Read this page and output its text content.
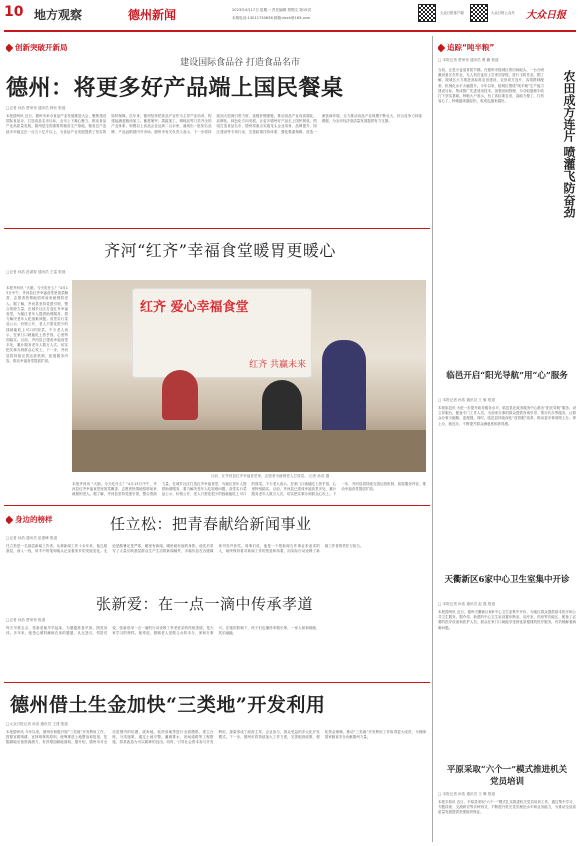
10 地方观察	德州新闻	2023年4月17日 星期一 责任编辑 郑锡文 第15页
本版电话:13011730638 邮箱:dzxh@163.com
大众日报客户端	大众日报公众号 大众日报
创新突破开新局
建设国际食品谷 打造食品名市
德州：将更多好产品端上国民餐桌
□记者 孙浩 贾荣荣 通讯员 韩东 报道
本报德州讯 近日，德州市举办食品产业发展推进大会，聚焦建设国际食品谷、打造食品名市目标，全市上下凝心聚力，推动食品产业高质量发展。德州是全国重要的粮食生产基地，粮食总产连续多年稳定在一百五十亿斤以上，为食品产业发展提供了坚实的原料保障。近年来，德州坚持把食品产业作为主导产业培育，构建起涵盖粮油加工、畜禽屠宰、果蔬加工、调味品等门类齐全的产业体系，规模以上食品企业达到二百余家，涌现出一批知名品牌，产品远销国内外市场。德州市有关负责人表示，下一步将持续加大招商引资力度，延链补链强链，推动食品产业向高端化、品牌化、绿色化方向发展，让更多德州好产品走上国民餐桌。围绕打造食品名市，德州将重点实施龙头企业培育、品牌提升、园区建设等专项行动，完善政策扶持体系，强化要素保障，营造一流营商环境，全力推动食品产业规模不断壮大，综合竞争力持续增强，为全市经济高质量发展提供有力支撑。
齐河“红齐”幸福食堂暖胃更暖心
□记者 孙浩 范淑智 通讯员 王雷 报道
本报齐河讯 “大娘，今天吃什么？”4月13日中午，齐河县红齐幸福食堂里饭菜飘香，志愿者热情地招呼前来就餐的老人。据了解，齐河县坚持党建引领，整合资源力量，在城乡社区打造红齐幸福食堂，为辖区老年人提供助餐服务，着力解决老年人吃饭难问题。食堂实行菜品公示、价格公开，老人只需花很少的钱就能吃上可口的饭菜。不少老人表示，在家门口就能吃上热乎饭，心里特别踏实。目前，齐河县已建成幸福食堂多处，累计服务老年人数万人次，切实把实事办到群众心坎上。下一步，齐河县将持续完善运营机制，拓展服务内容，推动幸福食堂提质扩面。
红齐 爱心幸福食堂
红齐 共赢未来
日前，在齐河县红齐幸福食堂里，志愿者为就餐老人打饭菜。 记者 孙浩 摄
本报齐河讯 “大娘，今天吃什么？”4月13日中午，齐河县红齐幸福食堂里饭菜飘香，志愿者热情地招呼前来就餐的老人。据了解，齐河县坚持党建引领，整合资源力量，在城乡社区打造红齐幸福食堂，为辖区老年人提供助餐服务，着力解决老年人吃饭难问题。食堂实行菜品公示、价格公开，老人只需花很少的钱就能吃上可口的饭菜。不少老人表示，在家门口就能吃上热乎饭，心里特别踏实。目前，齐河县已建成幸福食堂多处，累计服务老年人数万人次，切实把实事办到群众心坎上。下一步，齐河县将持续完善运营机制，拓展服务内容，推动幸福食堂提质扩面。
身边的榜样	任立松：把青春献给新闻事业
□记者 孙浩 通讯员 赵建峰 报道
任立松是一名基层新闻工作者，从事新闻工作十余年来，他扎根基层，深入一线，用手中的笔和镜头记录着家乡的发展变化。无论是酷暑还是严寒，哪里有新闻，哪里就有他的身影。他先后采写了大量反映基层群众生产生活的新闻稿件，多篇作品在各级媒体刊发并获奖。同事们说，他是一个把新闻当作事业来追求的人，始终保持着对新闻工作的热爱和执着，用实际行动诠释了新闻工作者的责任与担当。
张新爱：在一点一滴中传承孝道
□记者 孙浩 贾荣荣 报道
每天早晨五点，张新爱就早早起床，为婆婆准备早饭、擦洗身体。多年来，她悉心照料瘫痪在床的婆婆，从无怨言。邻居们说，张新爱用一点一滴的行动诠释了孝老爱亲的传统美德，是大家学习的榜样。她常说，照顾老人是做儿女的本分，家和万事兴。在她的影响下，孩子们也懂得孝敬长辈，一家人和和睦睦，其乐融融。
德州借土生金加快“三类地”开发利用
□大众日报记者 孙浩 通讯员 王建 报道
本报德州讯 今年以来，德州市积极开展“三类地”开发利用工作，按照宜耕则耕、宜林则林的原则，统筹推进土地整治和复垦，挖掘耕地后备资源潜力，有效增加耕地面积。据介绍，德州市对全市范围内的坑塘、废弃地、低效用地等进行全面摸排，建立台账，分类施策，通过土地平整、灌溉排水、田间道路等工程措施，将其改造为可以耕种的良田。同时，引导社会资本参与开发利用，探索形成了政府主导、企业参与、群众受益的多元化开发模式。下一步，德州市将持续加大工作力度，完善配套政策，强化资金保障，推动“三类地”开发利用工作取得更大成效，为保障国家粮食安全贡献德州力量。
追踪“吨半粮”
□ 本报记者 贾荣荣 通讯员 曹 鹏 报道
农田成方连片 喷灌飞防奋劲
当前，正是小麦返青拔节期。在德州市陵城区的田间地头，一台台喷灌设备正在作业，无人机在麦田上空来回穿梭，进行飞防作业。据了解，陵城区大力推进高标准农田建设，农田成方连片，沟渠路林配套，机械化水平大幅提升。今年以来，陵城区围绕“吨半粮”生产能力建设目标，集成推广先进适用技术，加强田间管理，为夺取夏粮丰收打下坚实基础。种粮大户表示，有了高标准农田，浇地方便了，打药省心了，种地越来越轻松，收成也越来越好。
临邑开启“阳光导航”用“心”服务
□ 本报记者 孙浩 通讯员 王 敏 报道
本报临邑讯 为进一步提升政务服务水平，临邑县在政务服务中心推出“阳光导航”服务，设立导服台，配备专门工作人员，为前来办事的群众提供咨询引导、帮办代办等服务，让群众办事少跑腿、更便捷。同时，临邑县持续深化“放管服”改革，推动更多事项网上办、掌上办、就近办，不断提升群众满意度和获得感。
天衢新区6家中心卫生室集中开诊
□ 本报记者 孙浩 通讯员 赵 磊 报道
本报德州讯 近日，德州天衢新区6家中心卫生室集中开诊，为辖区群众提供基本医疗和公共卫生服务。据介绍，新建的中心卫生室设置诊断室、治疗室、药房等功能区，配备了必要的医疗设备和医护人员，群众在家门口就能享受到优质便捷的医疗服务，有效缓解看病难问题。
平原采取“六个一”模式推进机关党员培训
□ 本报记者 孙浩 通讯员 王 琳 报道
本报平原讯 近日，平原县采取“六个一”模式扎实推进机关党员培训工作，通过集中学习、专题讲座、交流研讨等多种形式，不断提升机关党员理论水平和业务能力，为推动全县高质量发展提供坚强组织保证。
